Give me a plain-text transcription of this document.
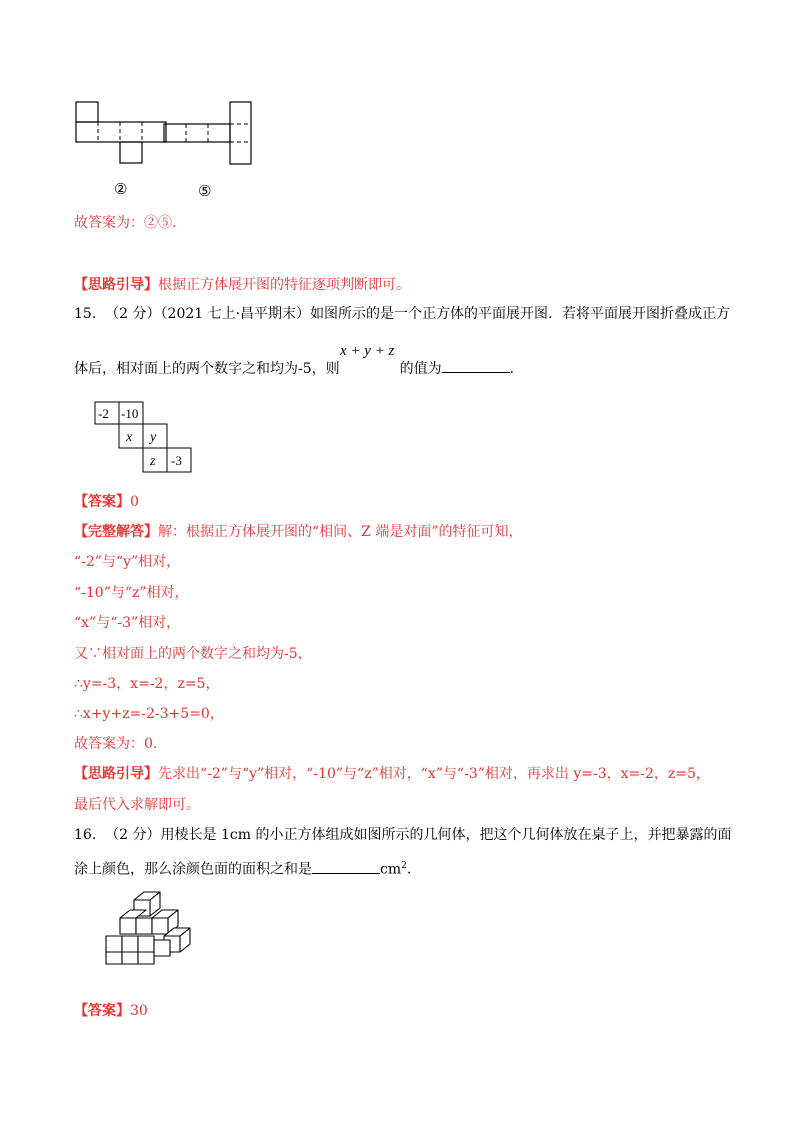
②	⑤
故答案为：②⑤.
【思路引导】根据正方体展开图的特征逐项判断即可。
15. （2 分）（2021 七上·昌平期末）如图所示的是一个正方体的平面展开图．若将平面展开图折叠成正方
x + y + z
体后，相对面上的两个数字之和均为-5，则	的值为	.
-2 -10
x y
z -3
【答案】0
【完整解答】解：根据正方体展开图的“相间、Z 端是对面”的特征可知，
“-2”与“y”相对，
“-10”与“z”相对，
“x”与“-3”相对，
又∵相对面上的两个数字之和均为-5，
∴y=-3，x=-2，z=5，
∴x+y+z=-2-3+5=0，
故答案为：0.
【思路引导】先求出“-2”与“y”相对，“-10”与“z”相对，“x”与“-3”相对，再求出 y=-3，x=-2，z=5，
最后代入求解即可。
16. （2 分）用棱长是 1cm 的小正方体组成如图所示的几何体，把这个几何体放在桌子上，并把暴露的面
涂上颜色，那么涂颜色面的面积之和是	$cm^2$.
【答案】30
